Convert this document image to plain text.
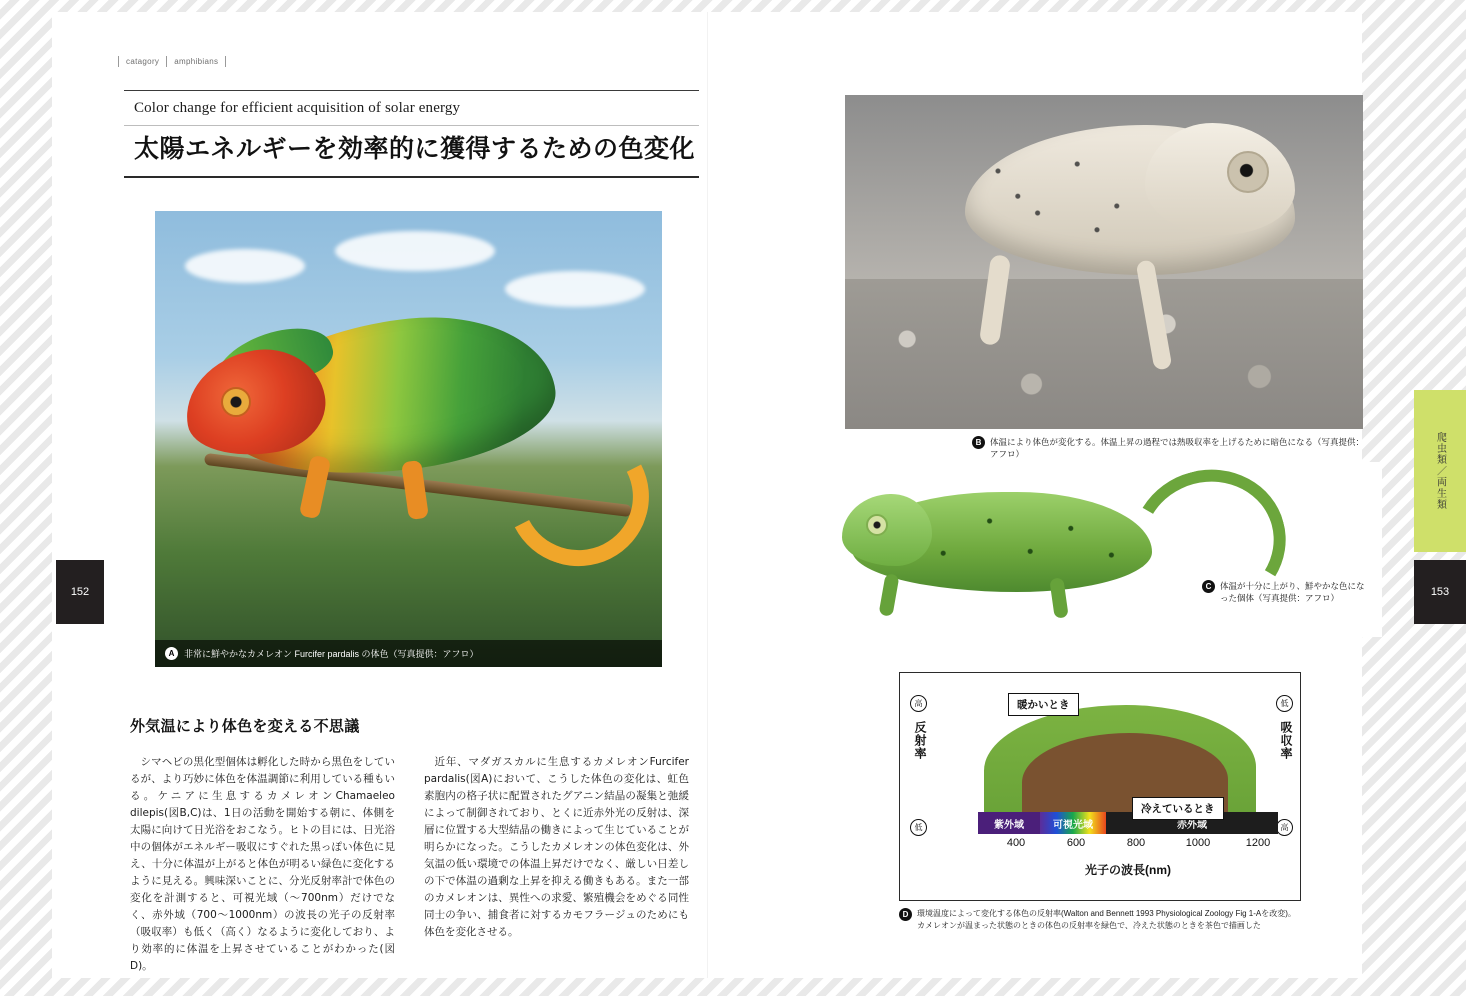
catagory amphibians
Color change for efficient acquisition of solar energy
太陽エネルギーを効率的に獲得するための色変化
A	非常に鮮やかなカメレオン Furcifer pardalis の体色（写真提供：アフロ）
外気温により体色を変える不思議

シマヘビの黒化型個体は孵化した時から黒色をしているが、より巧妙に体色を体温調節に利用している種もいる。ケニアに生息するカメレオンChamaeleo dilepis(図B,C)は、1日の活動を開始する朝に、体側を太陽に向けて日光浴をおこなう。ヒトの目には、日光浴中の個体がエネルギー吸収にすぐれた黒っぽい体色に見え、十分に体温が上がると体色が明るい緑色に変化するように見える。興味深いことに、分光反射率計で体色の変化を計測すると、可視光域（〜700nm）だけでなく、赤外域（700〜1000nm）の波長の光子の反射率（吸収率）も低く（高く）なるように変化しており、より効率的に体温を上昇させていることがわかった(図D)。

近年、マダガスカルに生息するカメレオンFurcifer pardalis(図A)において、こうした体色の変化は、虹色素胞内の格子状に配置されたグアニン結晶の凝集と弛緩によって制御されており、とくに近赤外光の反射は、深層に位置する大型結晶の働きによって生じていることが明らかになった。こうしたカメレオンの体色変化は、外気温の低い環境での体温上昇だけでなく、厳しい日差しの下で体温の過剰な上昇を抑える働きもある。また一部のカメレオンは、異性への求愛、繁殖機会をめぐる同性同士の争い、捕食者に対するカモフラージュのためにも体色を変化させる。

B	体温により体色が変化する。体温上昇の過程では熱吸収率を上げるために暗色になる（写真提供：アフロ）
C	体温が十分に上がり、鮮やかな色になった個体（写真提供：アフロ）
高
反射率
低
低
吸収率
高
紫外域	可視光域	赤外域
400	600	800	1000	1200
暖かいとき
冷えているとき
光子の波長(nm)
D	環境温度によって変化する体色の反射率(Walton and Bennett 1993 Physiological Zoology Fig 1-Aを改変)。カメレオンが温まった状態のときの体色の反射率を緑色で、冷えた状態のときを茶色で描画した
爬虫類／両生類
152	153
